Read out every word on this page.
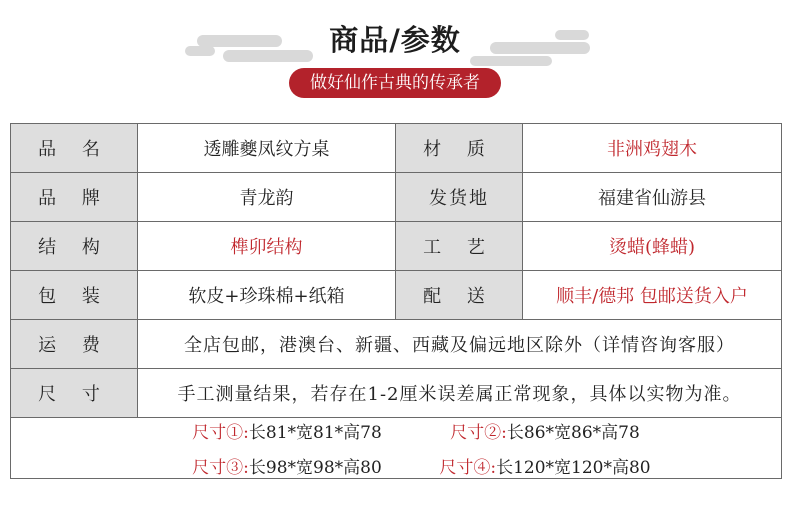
商品/参数
做好仙作古典的传承者
品 名	透雕夔凤纹方桌	材 质	非洲鸡翅木
品 牌	青龙韵	发货地	福建省仙游县
结 构	榫卯结构	工 艺	烫蜡(蜂蜡)
包 装	软皮+珍珠棉+纸箱	配 送	顺丰/德邦 包邮送货入户
运 费	全店包邮，港澳台、新疆、西藏及偏远地区除外（详情咨询客服）		
尺 寸	手工测量结果，若存在1-2厘米误差属正常现象，具体以实物为准。		

尺寸①:长81*宽81*高78 尺寸②:长86*宽86*高78
尺寸③:长98*宽98*高80 尺寸④:长120*宽120*高80			
